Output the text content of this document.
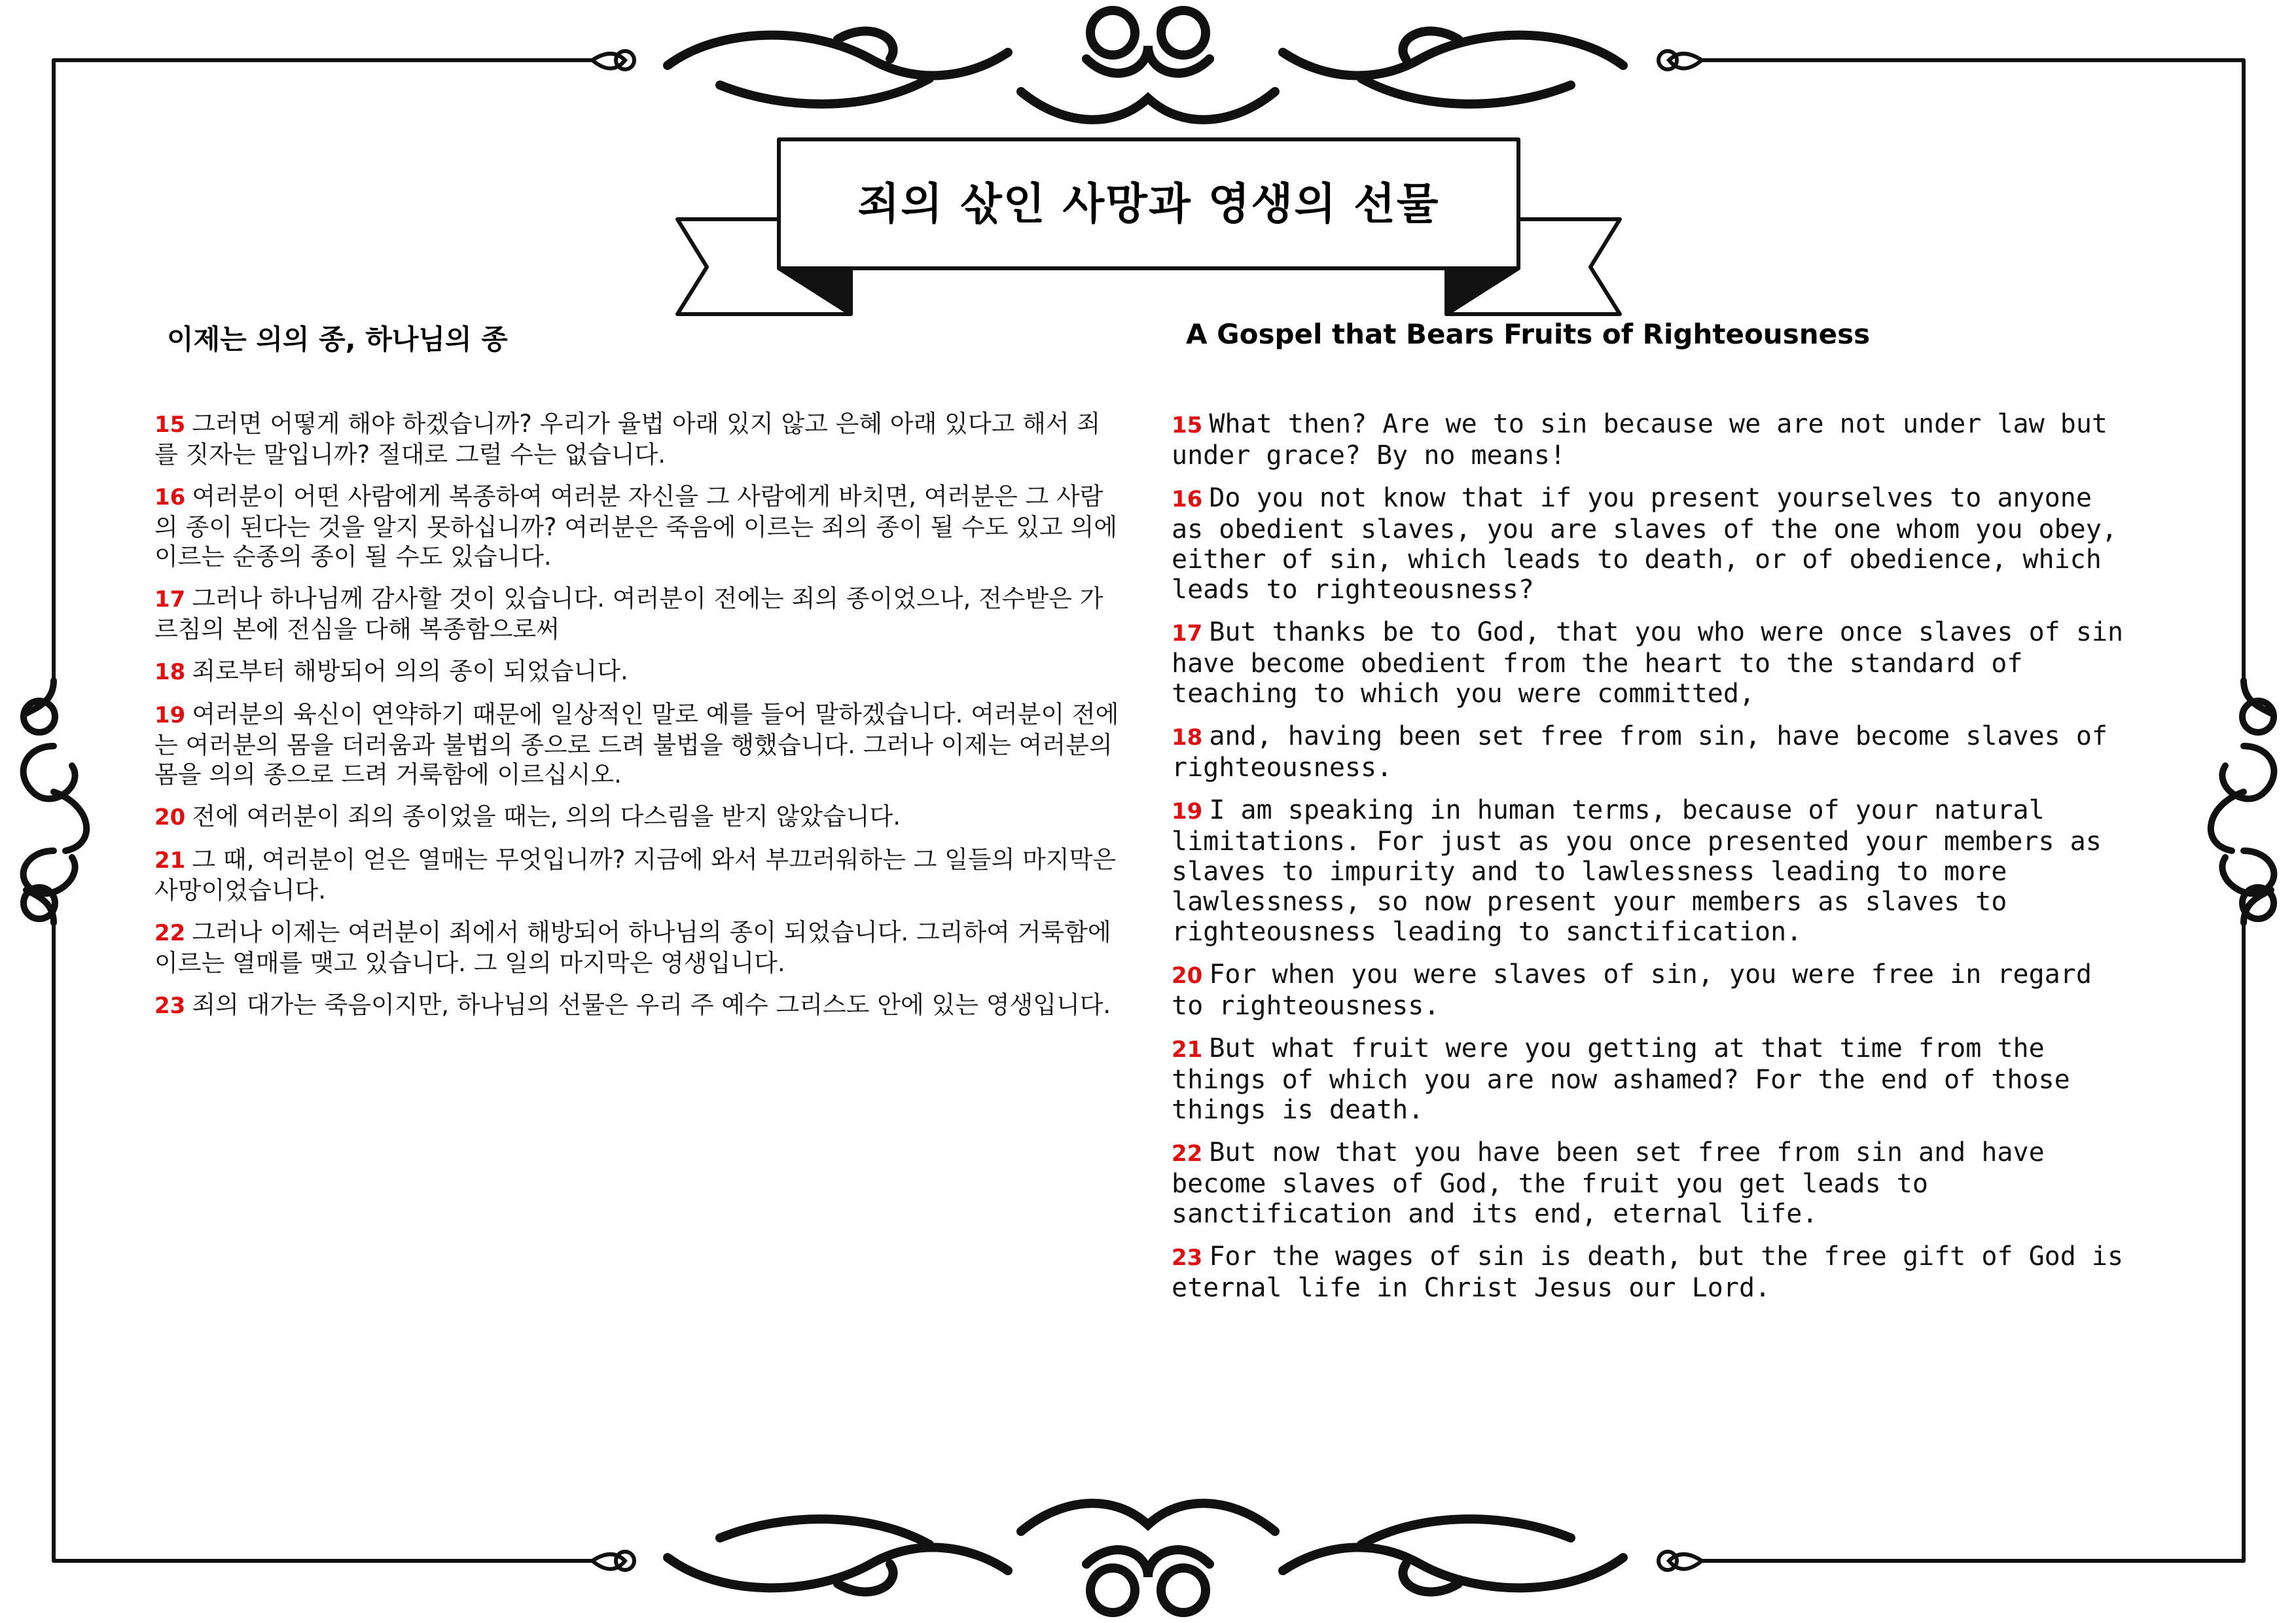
죄의 삯인 사망과 영생의 선물
이제는 의의 종, 하나님의 종	A Gospel that Bears Fruits of Righteousness

15 그러면 어떻게 해야 하겠습니까? 우리가 율법 아래 있지 않고 은혜 아래 있다고 해서 죄를 짓자는 말입니까? 절대로 그럴 수는 없습니다.

16 여러분이 어떤 사람에게 복종하여 여러분 자신을 그 사람에게 바치면, 여러분은 그 사람의 종이 된다는 것을 알지 못하십니까? 여러분은 죽음에 이르는 죄의 종이 될 수도 있고 의에 이르는 순종의 종이 될 수도 있습니다.

17 그러나 하나님께 감사할 것이 있습니다. 여러분이 전에는 죄의 종이었으나, 전수받은 가르침의 본에 전심을 다해 복종함으로써

18 죄로부터 해방되어 의의 종이 되었습니다.

19 여러분의 육신이 연약하기 때문에 일상적인 말로 예를 들어 말하겠습니다. 여러분이 전에는 여러분의 몸을 더러움과 불법의 종으로 드려 불법을 행했습니다. 그러나 이제는 여러분의 몸을 의의 종으로 드려 거룩함에 이르십시오.

20 전에 여러분이 죄의 종이었을 때는, 의의 다스림을 받지 않았습니다.

21 그 때, 여러분이 얻은 열매는 무엇입니까? 지금에 와서 부끄러워하는 그 일들의 마지막은 사망이었습니다.

22 그러나 이제는 여러분이 죄에서 해방되어 하나님의 종이 되었습니다. 그리하여 거룩함에 이르는 열매를 맺고 있습니다. 그 일의 마지막은 영생입니다.

23 죄의 대가는 죽음이지만, 하나님의 선물은 우리 주 예수 그리스도 안에 있는 영생입니다.

15 What then? Are we to sin because we are not under law but under grace? By no means!

16 Do you not know that if you present yourselves to anyone as obedient slaves, you are slaves of the one whom you obey, either of sin, which leads to death, or of obedience, which leads to righteousness?

17 But thanks be to God, that you who were once slaves of sin have become obedient from the heart to the standard of teaching to which you were committed,

18 and, having been set free from sin, have become slaves of righteousness.

19 I am speaking in human terms, because of your natural limitations. For just as you once presented your members as slaves to impurity and to lawlessness leading to more lawlessness, so now present your members as slaves to righteousness leading to sanctification.

20 For when you were slaves of sin, you were free in regard to righteousness.

21 But what fruit were you getting at that time from the things of which you are now ashamed? For the end of those things is death.

22 But now that you have been set free from sin and have become slaves of God, the fruit you get leads to sanctification and its end, eternal life.

23 For the wages of sin is death, but the free gift of God is eternal life in Christ Jesus our Lord.
